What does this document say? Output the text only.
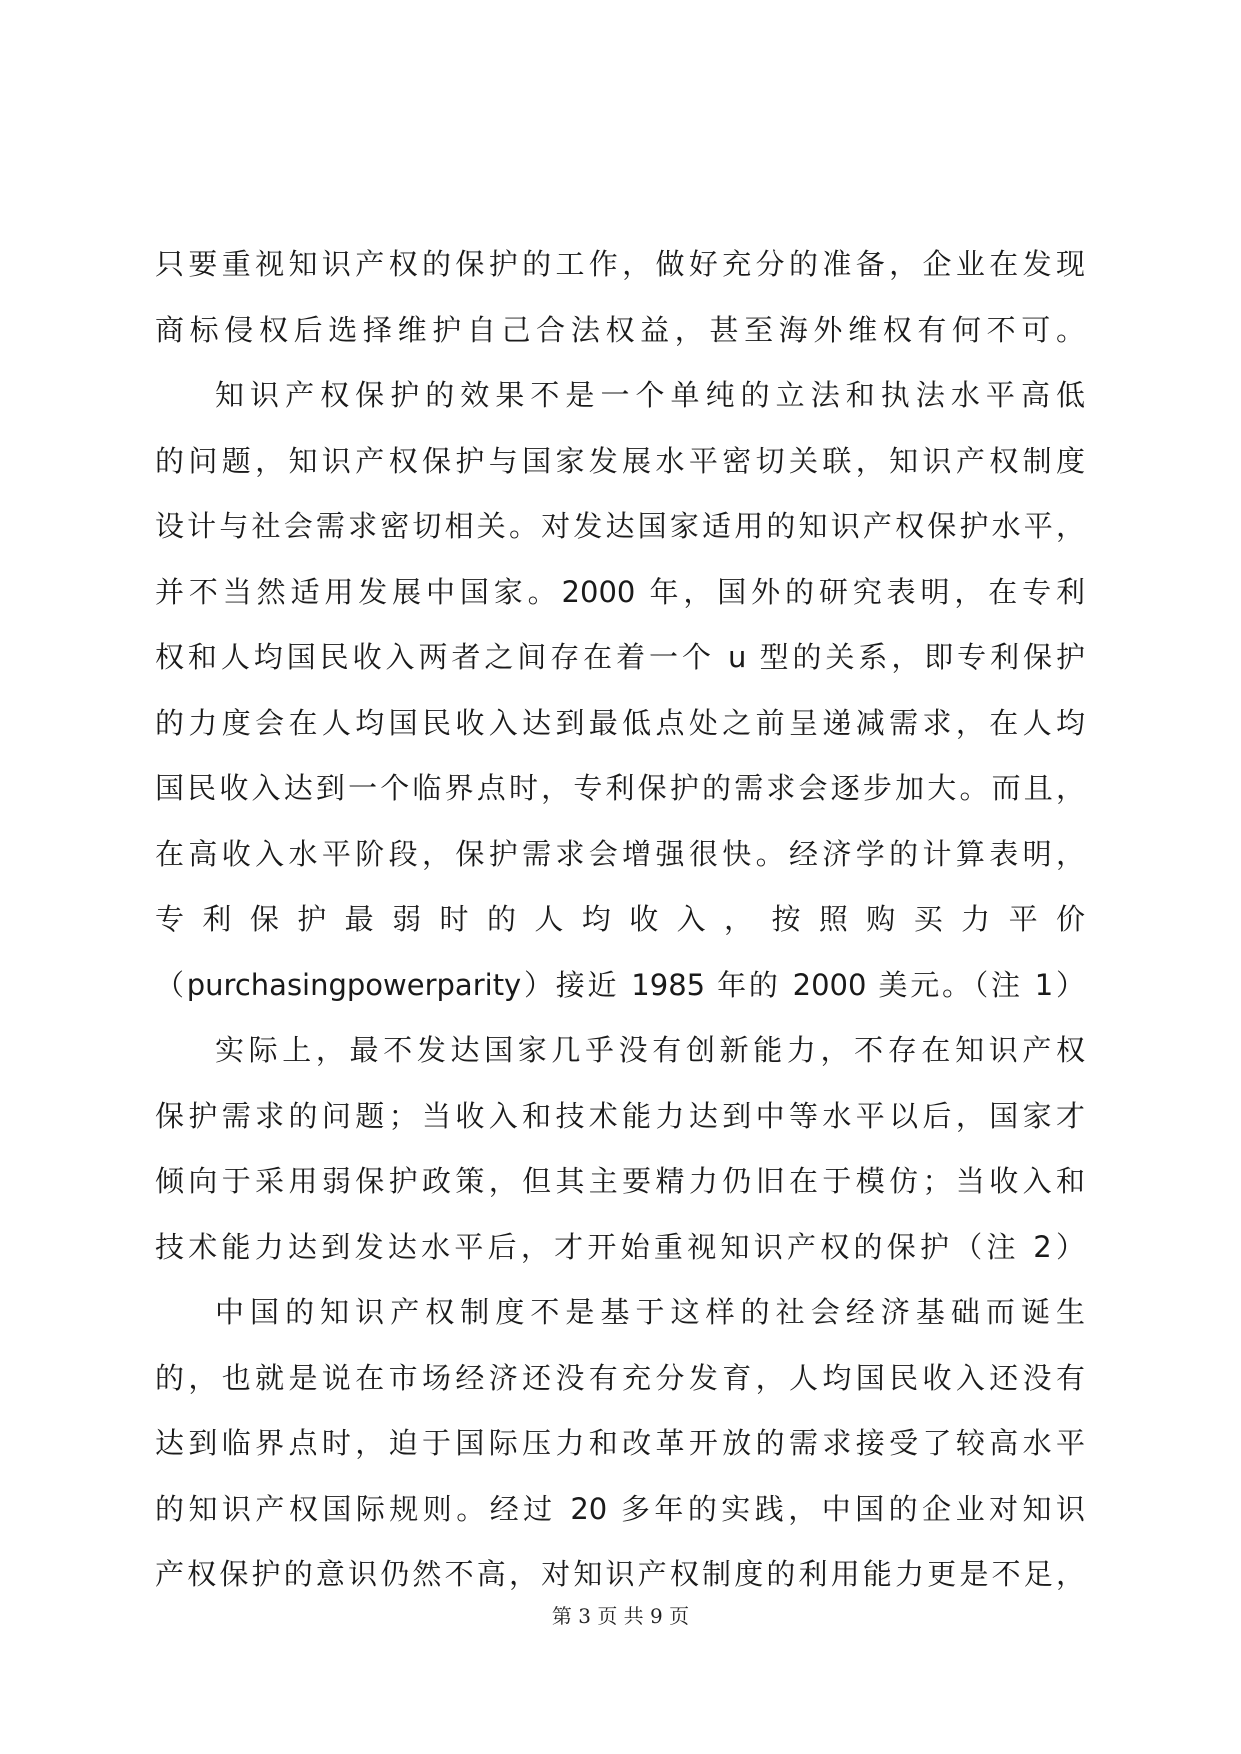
只要重视知识产权的保护的工作，做好充分的准备，企业在发现
商标侵权后选择维护自己合法权益，甚至海外维权有何不可。
知识产权保护的效果不是一个单纯的立法和执法水平高低
的问题，知识产权保护与国家发展水平密切关联，知识产权制度
设计与社会需求密切相关。对发达国家适用的知识产权保护水平，
并不当然适用发展中国家。2000 年，国外的研究表明，在专利
权和人均国民收入两者之间存在着一个 u 型的关系，即专利保护
的力度会在人均国民收入达到最低点处之前呈递减需求，在人均
国民收入达到一个临界点时，专利保护的需求会逐步加大。而且，
在高收入水平阶段，保护需求会增强很快。经济学的计算表明，
专利保护最弱时的人均收入，按照购买力平价
（purchasingpowerparity）接近 1985 年的 2000 美元。（注 1）
实际上，最不发达国家几乎没有创新能力，不存在知识产权
保护需求的问题；当收入和技术能力达到中等水平以后，国家才
倾向于采用弱保护政策，但其主要精力仍旧在于模仿；当收入和
技术能力达到发达水平后，才开始重视知识产权的保护（注 2）
中国的知识产权制度不是基于这样的社会经济基础而诞生
的，也就是说在市场经济还没有充分发育，人均国民收入还没有
达到临界点时，迫于国际压力和改革开放的需求接受了较高水平
的知识产权国际规则。经过 20 多年的实践，中国的企业对知识
产权保护的意识仍然不高，对知识产权制度的利用能力更是不足，
第 3 页 共 9 页
